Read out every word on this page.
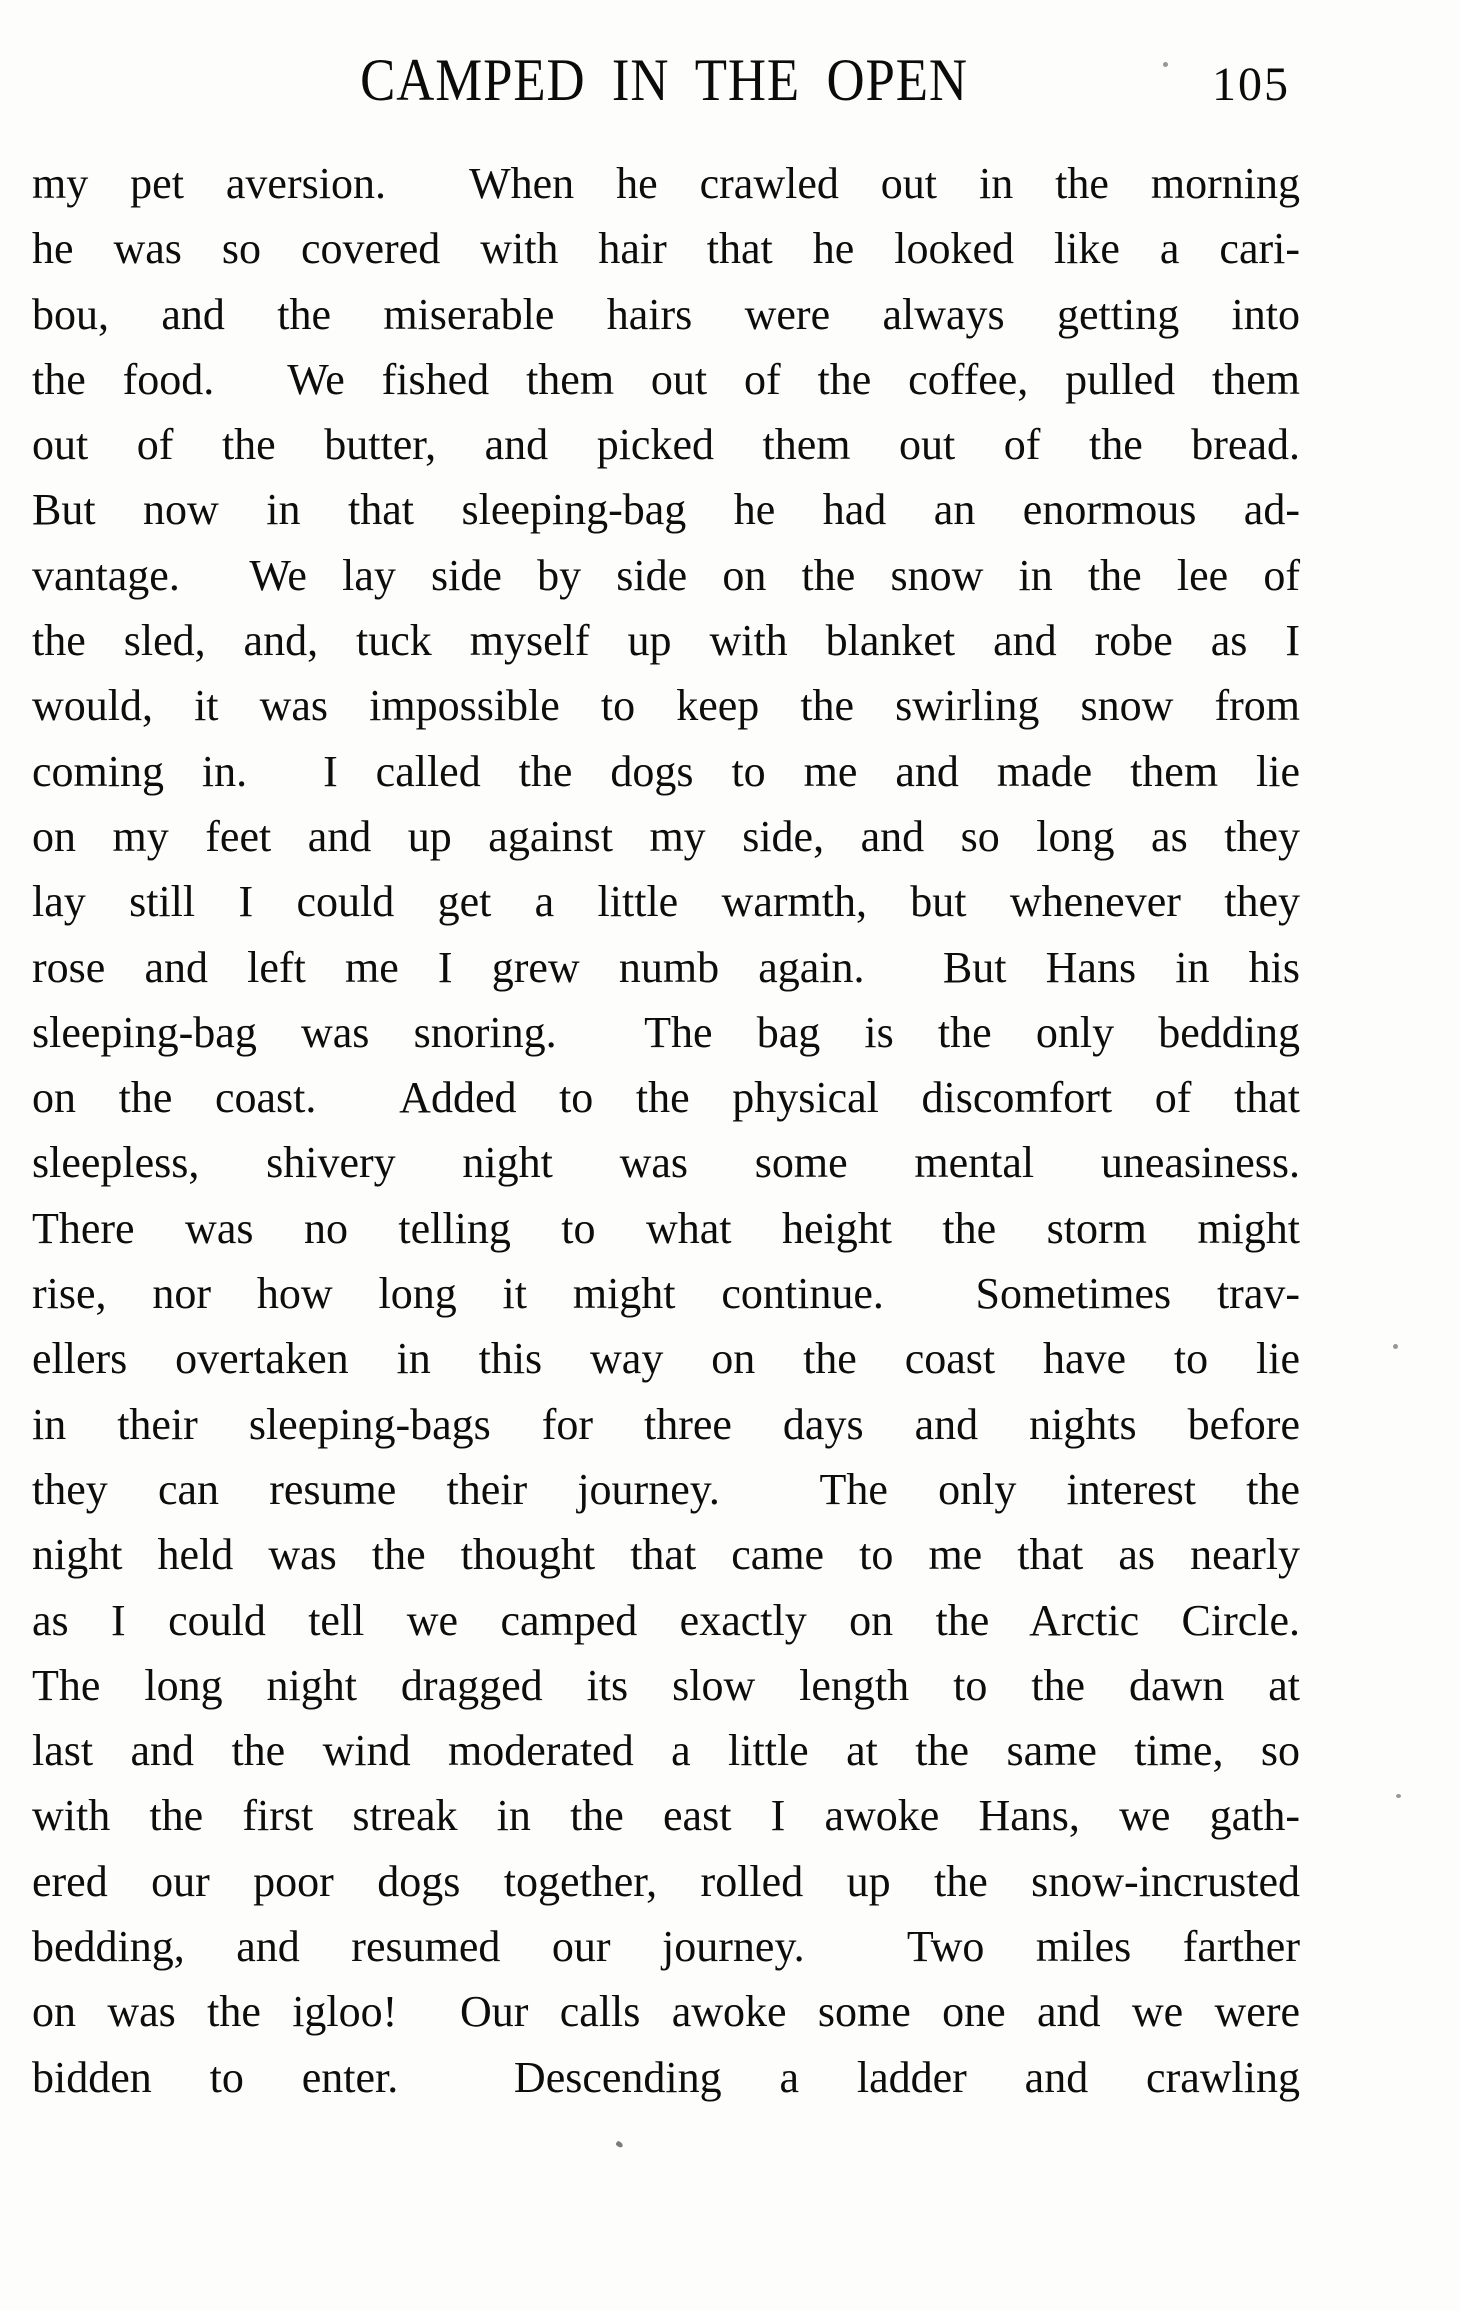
CAMPED IN THE OPEN	105
my pet aversion.  When he crawled out in the morning
he was so covered with hair that he looked like a cari-
bou, and the miserable hairs were always getting into
the food.  We fished them out of the coffee, pulled them
out of the butter, and picked them out of the bread.
But now in that sleeping-bag he had an enormous ad-
vantage.  We lay side by side on the snow in the lee of
the sled, and, tuck myself up with blanket and robe as I
would, it was impossible to keep the swirling snow from
coming in.  I called the dogs to me and made them lie
on my feet and up against my side, and so long as they
lay still I could get a little warmth, but whenever they
rose and left me I grew numb again.  But Hans in his
sleeping-bag was snoring.  The bag is the only bedding
on the coast.  Added to the physical discomfort of that
sleepless, shivery night was some mental uneasiness.
There was no telling to what height the storm might
rise, nor how long it might continue.  Sometimes trav-
ellers overtaken in this way on the coast have to lie
in their sleeping-bags for three days and nights before
they can resume their journey.  The only interest the
night held was the thought that came to me that as nearly
as I could tell we camped exactly on the Arctic Circle.
The long night dragged its slow length to the dawn at
last and the wind moderated a little at the same time, so
with the first streak in the east I awoke Hans, we gath-
ered our poor dogs together, rolled up the snow-incrusted
bedding, and resumed our journey.  Two miles farther
on was the igloo!  Our calls awoke some one and we were
bidden to enter.  Descending a ladder and crawling
